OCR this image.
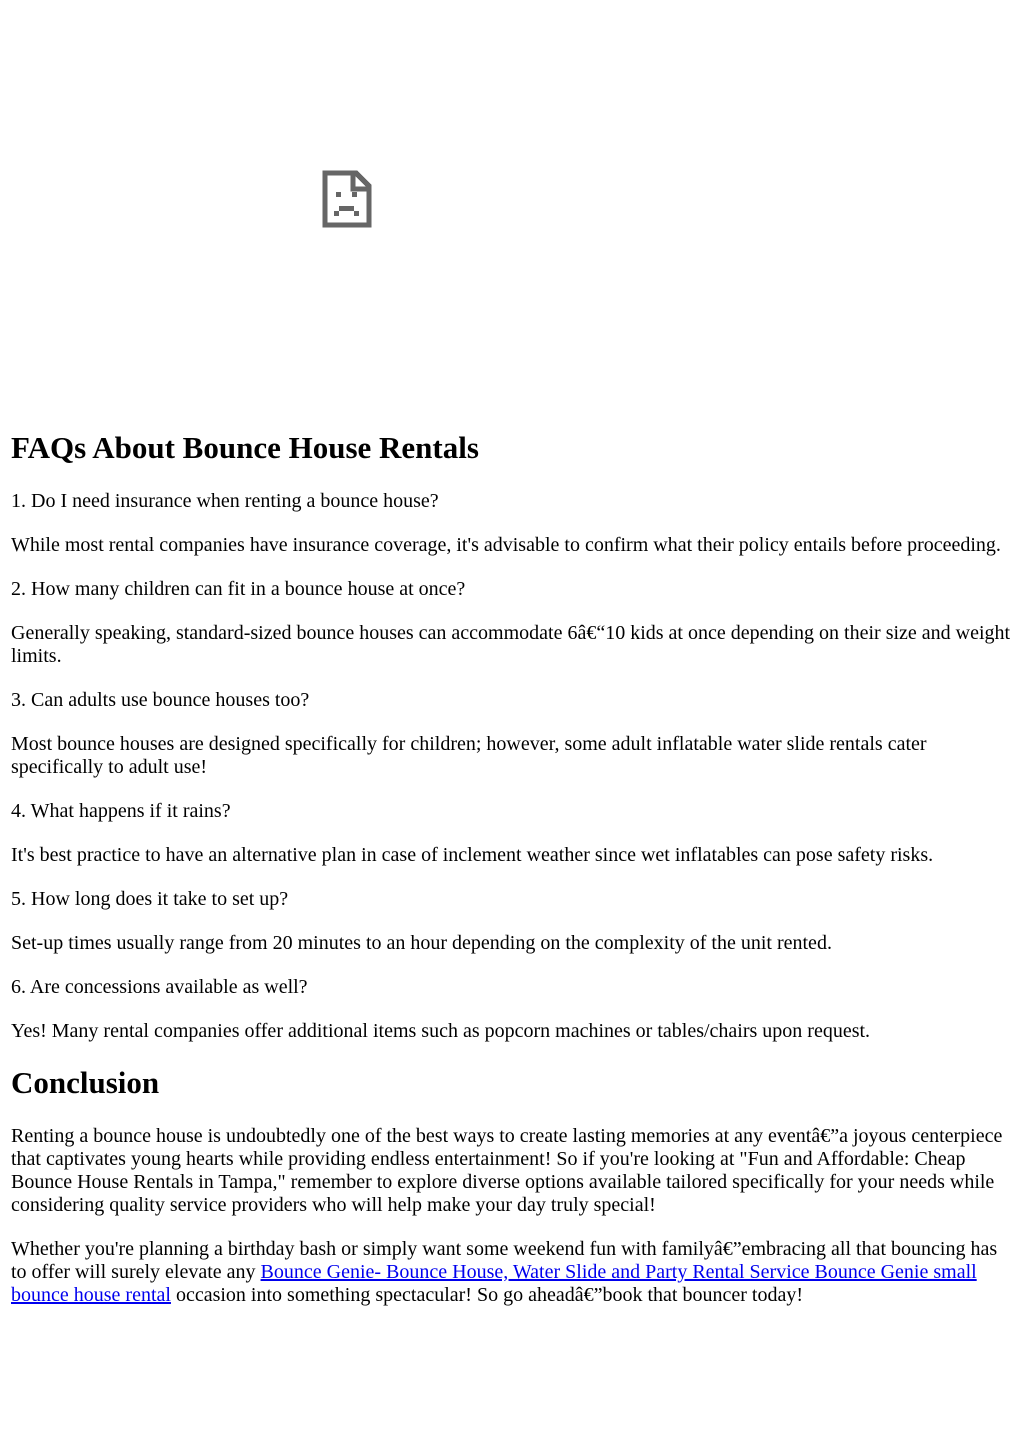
FAQs About Bounce House Rentals

1. Do I need insurance when renting a bounce house?

While most rental companies have insurance coverage, it's advisable to confirm what their policy entails before proceeding.

2. How many children can fit in a bounce house at once?

Generally speaking, standard-sized bounce houses can accommodate 6â€“10 kids at once depending on their size and weight limits.

3. Can adults use bounce houses too?

Most bounce houses are designed specifically for children; however, some adult inflatable water slide rentals cater specifically to adult use!

4. What happens if it rains?

It's best practice to have an alternative plan in case of inclement weather since wet inflatables can pose safety risks.

5. How long does it take to set up?

Set-up times usually range from 20 minutes to an hour depending on the complexity of the unit rented.

6. Are concessions available as well?

Yes! Many rental companies offer additional items such as popcorn machines or tables/chairs upon request.

Conclusion

Renting a bounce house is undoubtedly one of the best ways to create lasting memories at any eventâ€”a joyous centerpiece that captivates young hearts while providing endless entertainment! So if you're looking at "Fun and Affordable: Cheap Bounce House Rentals in Tampa," remember to explore diverse options available tailored specifically for your needs while considering quality service providers who will help make your day truly special!

Whether you're planning a birthday bash or simply want some weekend fun with familyâ€”embracing all that bouncing has to offer will surely elevate any Bounce Genie- Bounce House, Water Slide and Party Rental Service Bounce Genie small bounce house rental occasion into something spectacular! So go aheadâ€”book that bouncer today!
